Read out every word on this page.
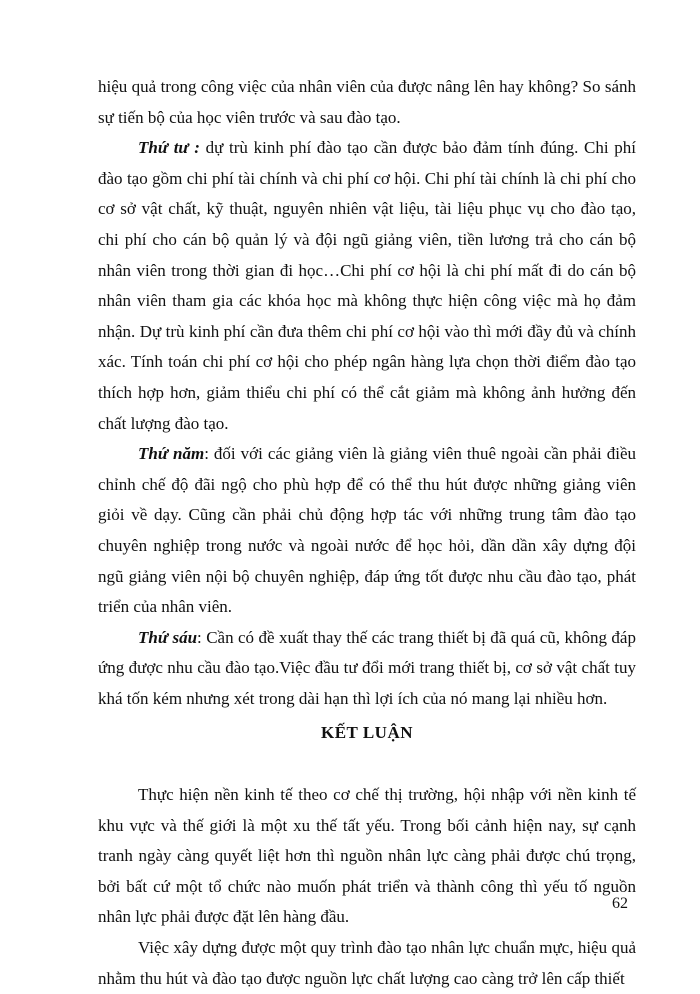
hiệu quả trong công việc của nhân viên của được nâng lên hay không? So sánh sự tiến bộ của học viên trước và sau đào tạo.

Thứ tư : dự trù kinh phí đào tạo cần được bảo đảm tính đúng. Chi phí đào tạo gồm chi phí tài chính và chi phí cơ hội. Chi phí tài chính là chi phí cho cơ sở vật chất, kỹ thuật, nguyên nhiên vật liệu, tài liệu phục vụ cho đào tạo, chi phí cho cán bộ quản lý và đội ngũ giảng viên, tiền lương trả cho cán bộ nhân viên trong thời gian đi học…Chi phí cơ hội là chi phí mất đi do cán bộ nhân viên tham gia các khóa học mà không thực hiện công việc mà họ đảm nhận. Dự trù kinh phí cần đưa thêm chi phí cơ hội vào thì mới đầy đủ và chính xác. Tính toán chi phí cơ hội cho phép ngân hàng lựa chọn thời điểm đào tạo thích hợp hơn, giảm thiểu chi phí có thể cắt giảm mà không ảnh hưởng đến chất lượng đào tạo.

Thứ năm: đối với các giảng viên là giảng viên thuê ngoài cần phải điều chỉnh chế độ đãi ngộ cho phù hợp để có thể thu hút được những giảng viên giỏi về dạy. Cũng cần phải chủ động hợp tác với những trung tâm đào tạo chuyên nghiệp trong nước và ngoài nước để học hỏi, dần dần xây dựng đội ngũ giảng viên nội bộ chuyên nghiệp, đáp ứng tốt được nhu cầu đào tạo, phát triển của nhân viên.

Thứ sáu: Cần có đề xuất thay thế các trang thiết bị đã quá cũ, không đáp ứng được nhu cầu đào tạo.Việc đầu tư đổi mới trang thiết bị, cơ sở vật chất tuy khá tốn kém nhưng xét trong dài hạn thì lợi ích của nó mang lại nhiều hơn.

KẾT LUẬN

Thực hiện nền kinh tế theo cơ chế thị trường, hội nhập với nền kinh tế khu vực và thế giới là một xu thế tất yếu. Trong bối cảnh hiện nay, sự cạnh tranh ngày càng quyết liệt hơn thì nguồn nhân lực càng phải được chú trọng, bởi bất cứ một tổ chức nào muốn phát triển và thành công thì yếu tố nguồn nhân lực phải được đặt lên hàng đầu.

Việc xây dựng được một quy trình đào tạo nhân lực chuẩn mực, hiệu quả nhằm thu hút và đào tạo được nguồn lực chất lượng cao càng trở lên cấp thiết

62
